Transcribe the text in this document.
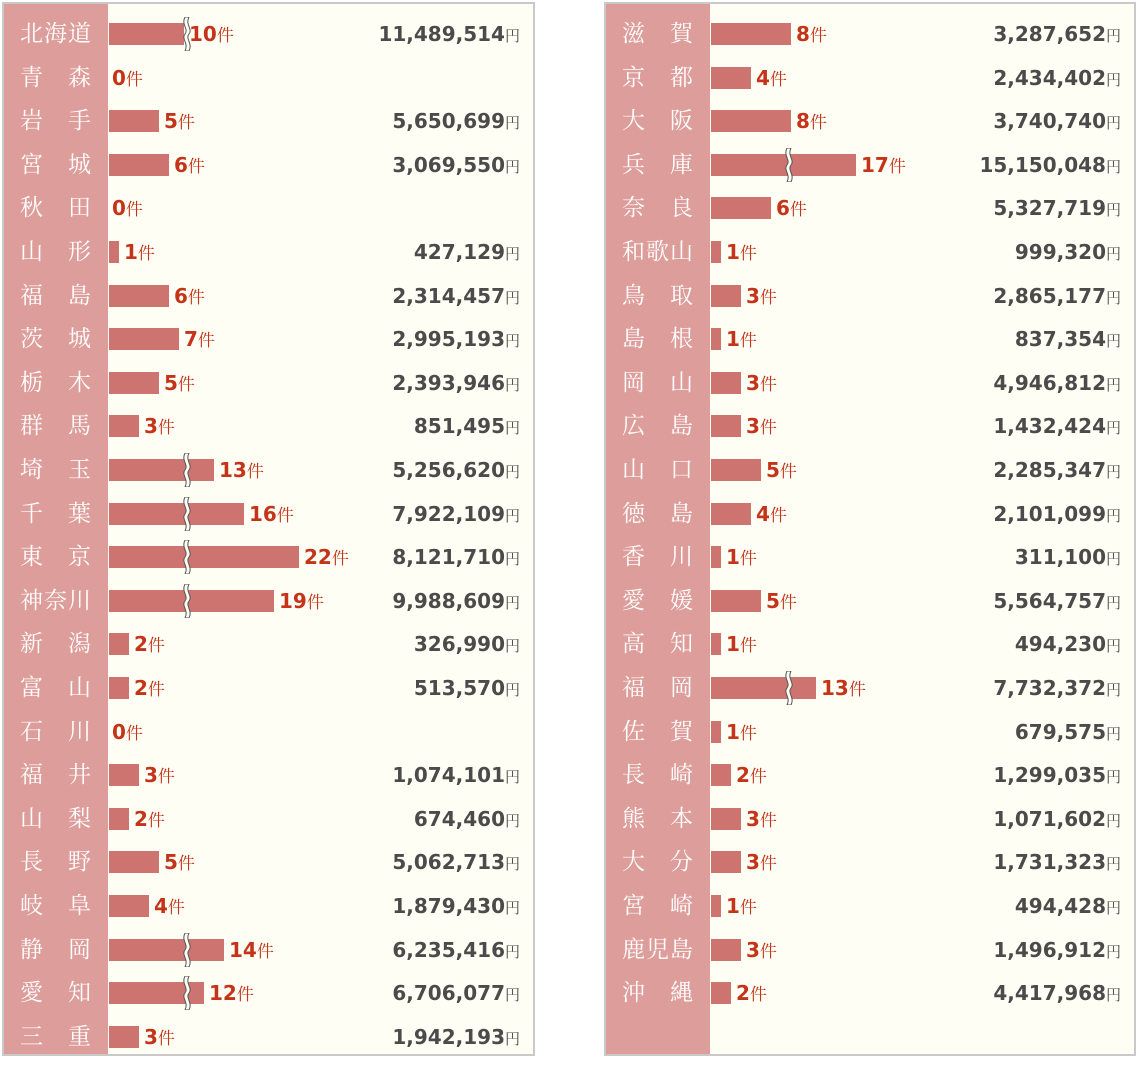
北海道	10件	11,489,514円
青　森	0件
岩　手	5件	5,650,699円
宮　城	6件	3,069,550円
秋　田	0件
山　形	1件	427,129円
福　島	6件	2,314,457円
茨　城	7件	2,995,193円
栃　木	5件	2,393,946円
群　馬	3件	851,495円
埼　玉	13件	5,256,620円
千　葉	16件	7,922,109円
東　京	22件 8,121,710円
神奈川	19件	9,988,609円
新　潟	2件	326,990円
富　山	2件	513,570円
石　川	0件
福　井	3件	1,074,101円
山　梨	2件	674,460円
長　野	5件	5,062,713円
岐　阜	4件	1,879,430円
静　岡	14件	6,235,416円
愛　知	12件	6,706,077円
三　重	3件	1,942,193円
滋　賀	8件	3,287,652円
京　都	4件	2,434,402円
大　阪	8件	3,740,740円
兵　庫	17件	15,150,048円
奈　良	6件	5,327,719円
和歌山	1件	999,320円
鳥　取	3件	2,865,177円
島　根	1件	837,354円
岡　山	3件	4,946,812円
広　島	3件	1,432,424円
山　口	5件	2,285,347円
徳　島	4件	2,101,099円
香　川	1件	311,100円
愛　媛	5件	5,564,757円
高　知	1件	494,230円
福　岡	13件	7,732,372円
佐　賀	1件	679,575円
長　崎	2件	1,299,035円
熊　本	3件	1,071,602円
大　分	3件	1,731,323円
宮　崎	1件	494,428円
鹿児島	3件	1,496,912円
沖　縄	2件	4,417,968円
